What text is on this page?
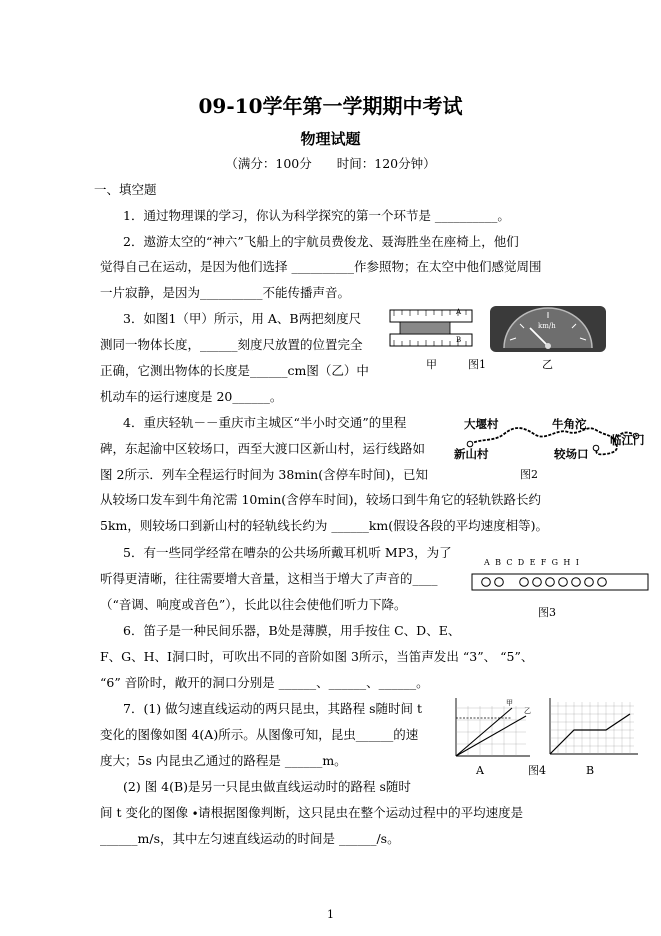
09-10学年第一学期期中考试
物理试题
（满分：100分　　时间：120分钟）
一、填空题
1．通过物理课的学习，你认为科学探究的第一个环节是 __________。
2．遨游太空的“神六”飞船上的宇航员费俊龙、聂海胜坐在座椅上，他们
觉得自己在运动，是因为他们选择 __________作参照物；在太空中他们感觉周围
一片寂静，是因为__________不能传播声音。
3．如图1（甲）所示，用 A、B两把刻度尺
测同一物体长度，______刻度尺放置的位置完全
正确，它测出物体的长度是______cm图（乙）中
机动车的运行速度是 20______。
4．重庆轻轨－－重庆市主城区“半小时交通”的里程
碑，东起渝中区较场口，西至大渡口区新山村，运行线路如
图 2所示．列车全程运行时间为 38min(含停车时间)，已知
从较场口发车到牛角沱需 10min(含停车时间)，较场口到牛角它的轻轨铁路长约
5km，则较场口到新山村的轻轨线长约为 ______km(假设各段的平均速度相等)。
5．有一些同学经常在嘈杂的公共场所戴耳机听 MP3，为了
听得更清晰，往往需要增大音量，这相当于增大了声音的____
（“音调、响度或音色”），长此以往会使他们听力下降。
6．笛子是一种民间乐器，B处是薄膜，用手按住 C、D、E、
F、G、H、I洞口时，可吹出不同的音阶如图 3所示，当笛声发出 “3”、 “5”、
“6” 音阶时，敞开的洞口分别是 ______、______、______。
7．(1) 做匀速直线运动的两只昆虫，其路程 s随时间 t
变化的图像如图 4(A)所示。从图像可知，昆虫______的速
度大；5s 内昆虫乙通过的路程是 ______m。
(2) 图 4(B)是另一只昆虫做直线运动时的路程 s随时
间 t 变化的图像 ∙请根据图像判断，这只昆虫在整个运动过程中的平均速度是
______m/s，其中左匀速直线运动的时间是 ______/s。
A
B
km/h
甲	图1	乙
大堰村
新山村
牛角沱
较场口
临江门
图2
A B C D E F G H I
图3
甲
乙
A	图4	B
1
